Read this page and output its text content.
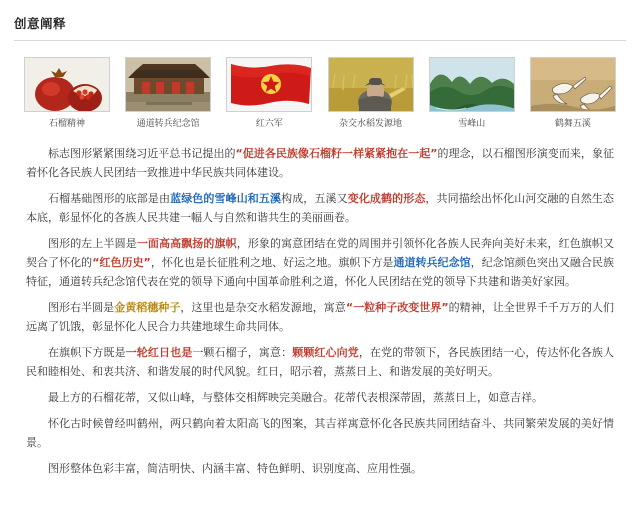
创意阐释
石榴精神	通道转兵纪念馆	红六军	杂交水稻发源地	雪峰山	鹤舞五溪

标志图形紧紧围绕习近平总书记提出的“促进各民族像石榴籽一样紧紧抱在一起”的理念，以石榴图形演变而来，象征着怀化各民族人民团结一致推进中华民族共同体建设。

石榴基础图形的底部是由蓝绿色的雪峰山和五溪构成，五溪又变化成鹤的形态，共同描绘出怀化山河交融的自然生态本底，彰显怀化的各族人民共建一幅人与自然和谐共生的美丽画卷。

图形的左上半圆是一面高高飘扬的旗帜，形象的寓意团结在党的周围并引领怀化各族人民奔向美好未来，红色旗帜又契合了怀化的“红色历史”，怀化也是长征胜利之地、好运之地。旗帜下方是通道转兵纪念馆，纪念馆颜色突出又融合民族特征，通道转兵纪念馆代表在党的领导下通向中国革命胜利之道，怀化人民团结在党的领导下共建和谐美好家园。

图形右半圆是金黄稻穗种子，这里也是杂交水稻发源地，寓意“一粒种子改变世界”的精神，让全世界千千万万的人们远离了饥饿，彰显怀化人民合力共建地球生命共同体。

在旗帜下方既是一轮红日也是一颗石榴子，寓意：颗颗红心向党，在党的带领下，各民族团结一心，传达怀化各族人民和睦相处、和衷共济、和谐发展的时代风貌。红日，昭示着，蒸蒸日上、和谐发展的美好明天。

最上方的石榴花蒂，又似山峰，与整体交相辉映完美融合。花蒂代表根深蒂固，蒸蒸日上，如意吉祥。

怀化古时候曾经叫鹤州，两只鹤向着太阳高飞的图案，其吉祥寓意怀化各民族共同团结奋斗、共同繁荣发展的美好情景。

图形整体色彩丰富，简洁明快、内涵丰富、特色鲜明、识别度高、应用性强。
